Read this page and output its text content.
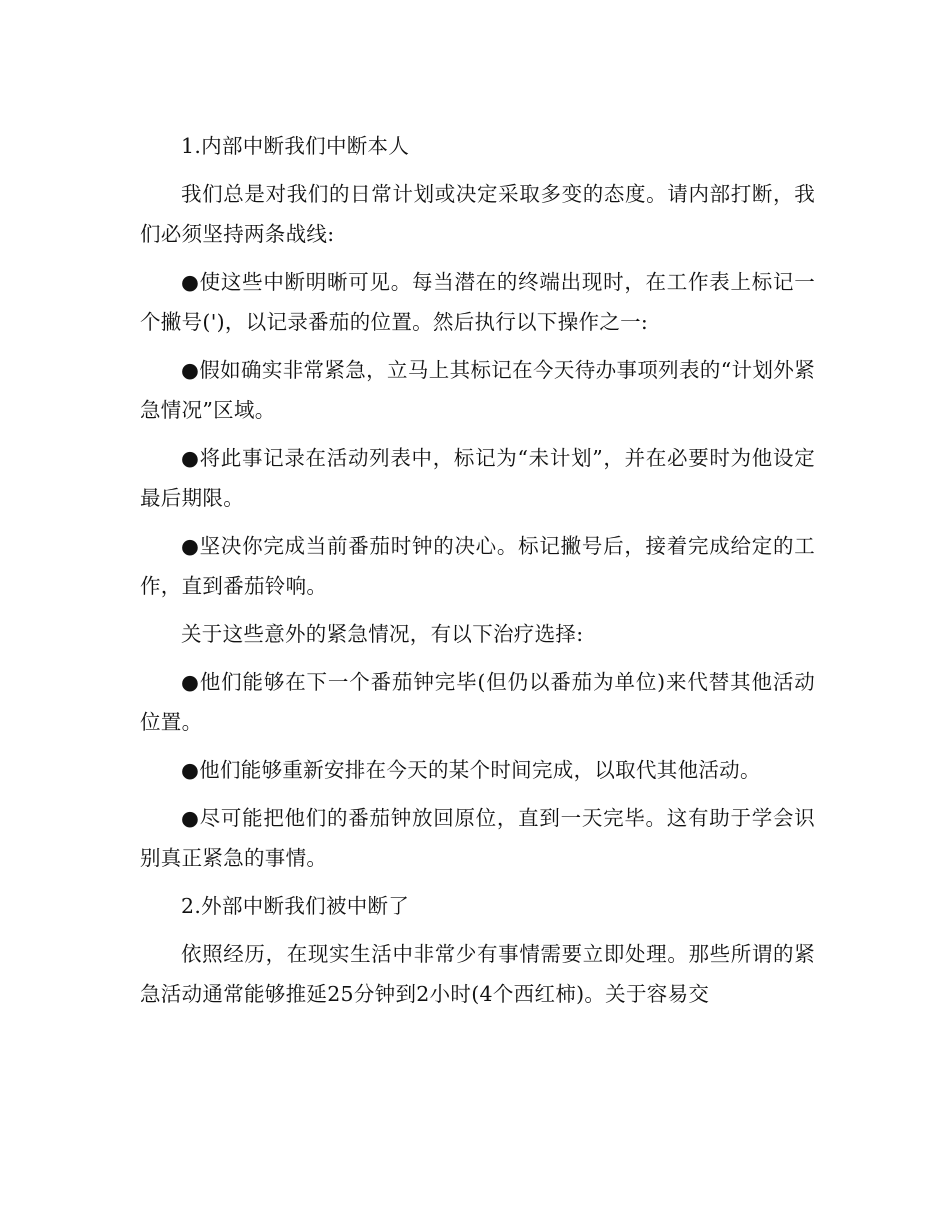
1.内部中断我们中断本人

我们总是对我们的日常计划或决定采取多变的态度。请内部打断，我们必须坚持两条战线:

●使这些中断明晰可见。每当潜在的终端出现时，在工作表上标记一个撇号(')，以记录番茄的位置。然后执行以下操作之一:

●假如确实非常紧急，立马上其标记在今天待办事项列表的“计划外紧急情况”区域。

●将此事记录在活动列表中，标记为“未计划”，并在必要时为他设定最后期限。

●坚决你完成当前番茄时钟的决心。标记撇号后，接着完成给定的工作，直到番茄铃响。

关于这些意外的紧急情况，有以下治疗选择:

●他们能够在下一个番茄钟完毕(但仍以番茄为单位)来代替其他活动位置。

●他们能够重新安排在今天的某个时间完成，以取代其他活动。

●尽可能把他们的番茄钟放回原位，直到一天完毕。这有助于学会识别真正紧急的事情。

2.外部中断我们被中断了

依照经历，在现实生活中非常少有事情需要立即处理。那些所谓的紧急活动通常能够推延25分钟到2小时(4个西红柿)。关于容易交
